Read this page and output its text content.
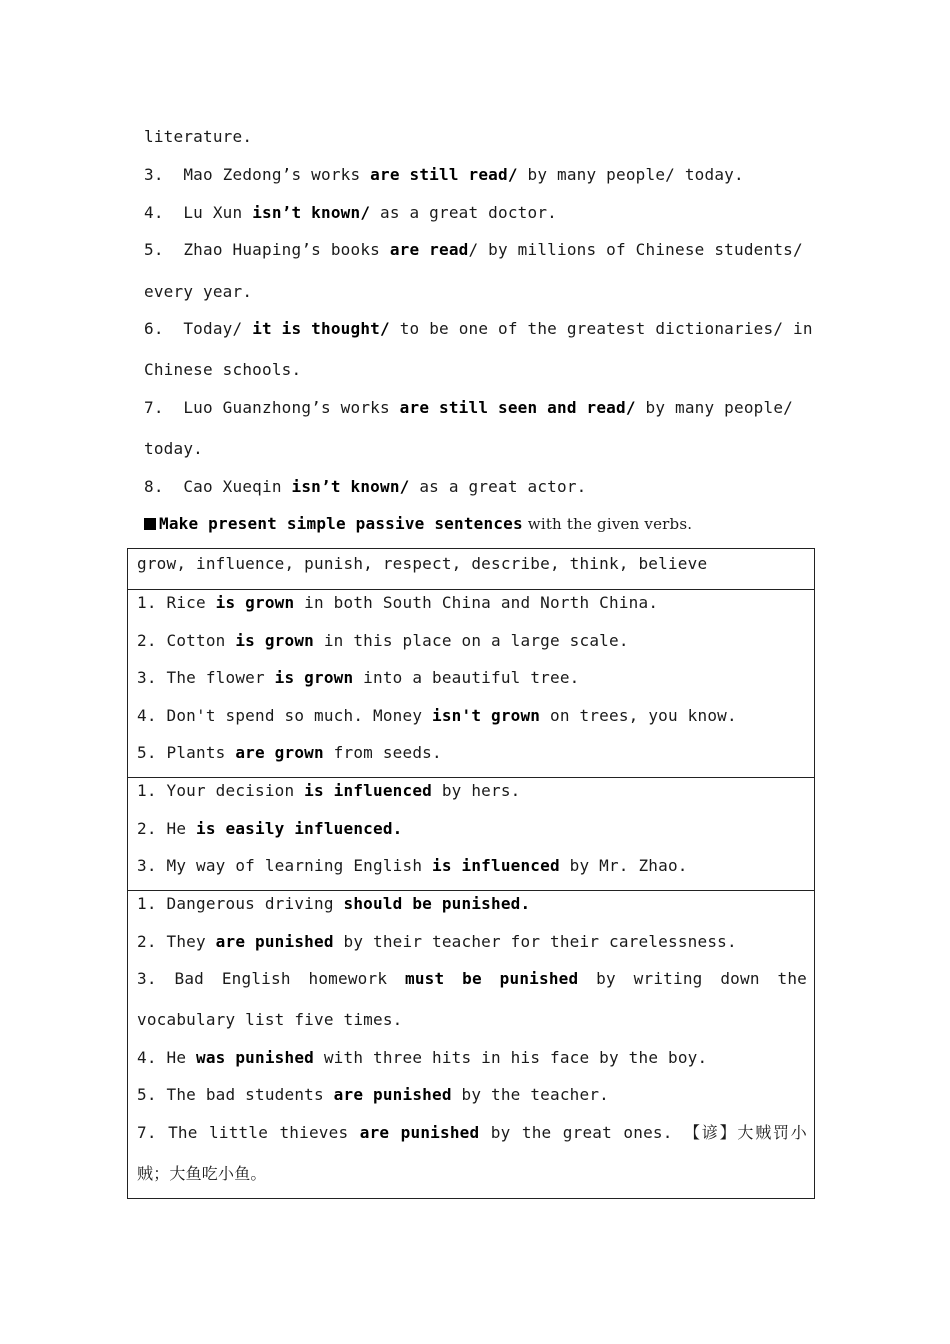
literature.
3. Mao Zedong’s works are still read/ by many people/ today.
4. Lu Xun isn’t known/ as a great doctor.
5. Zhao Huaping’s books are read/ by millions of Chinese students/
every year.
6. Today/ it is thought/ to be one of the greatest dictionaries/ in
Chinese schools.
7. Luo Guanzhong’s works are still seen and read/ by many people/
today.
8. Cao Xueqin isn’t known/ as a great actor.
Make present simple passive sentences with the given verbs.
grow, influence, punish, respect, describe, think, believe
1. Rice is grown in both South China and North China.
2. Cotton is grown in this place on a large scale.
3. The flower is grown into a beautiful tree.
4. Don't spend so much. Money isn't grown on trees, you know.
5. Plants are grown from seeds.
1. Your decision is influenced by hers.
2. He is easily influenced.
3. My way of learning English is influenced by Mr. Zhao.
1. Dangerous driving should be punished.
2. They are punished by their teacher for their carelessness.
3. Bad English homework must be punished by writing down the
vocabulary list five times.
4. He was punished with three hits in his face by the boy.
5. The bad students are punished by the teacher.
7. The little thieves are punished by the great ones. 【谚】大贼罚小
贼；大鱼吃小鱼。
